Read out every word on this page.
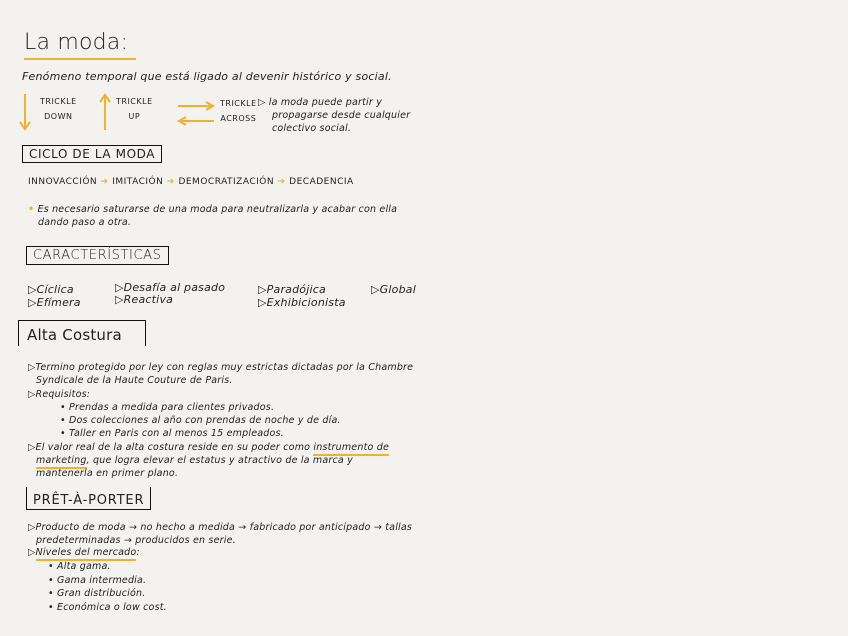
La moda:
Fenómeno temporal que está ligado al devenir histórico y social.
TRICKLE
DOWN
TRICKLE
UP
TRICKLE
ACROSS
▷ la moda puede partir y
propagarse desde cualquier
colectivo social.
CICLO DE LA MODA
INNOVACCIÓN ➔ IMITACIÓN ➔ DEMOCRATIZACIÓN ➔ DECADENCIA
• Es necesario saturarse de una moda para neutralizarla y acabar con ella
dando paso a otra.
CARACTERÍSTICAS
▷Cíclica	▷Desafía al pasado	▷Paradójica	▷Global
▷Efímera	▷Reactiva	▷Exhibicionista
Alta Costura
▷Termino protegido por ley con reglas muy estrictas dictadas por la Chambre
Syndicale de la Haute Couture de Paris.
▷Requisitos:
• Prendas a medida para clientes privados.
• Dos colecciones al año con prendas de noche y de día.
• Taller en Paris con al menos 15 empleados.
▷El valor real de la alta costura reside en su poder como instrumento de
marketing, que logra elevar el estatus y atractivo de la marca y
mantenerla en primer plano.
PRÊT-À-PORTER
▷Producto de moda → no hecho a medida → fabricado por anticipado → tallas
predeterminadas → producidos en serie.
▷Niveles del mercado:
• Alta gama.
• Gama intermedia.
• Gran distribución.
• Económica o low cost.
